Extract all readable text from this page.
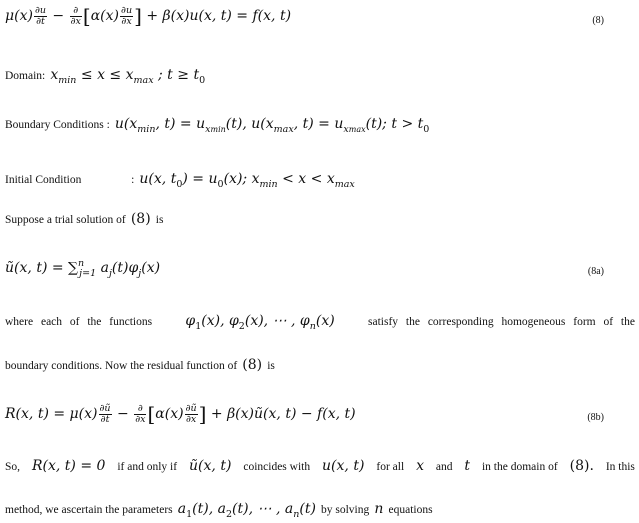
$\mu(x) \frac{\partial u}{\partial t} - \frac{\partial}{\partial x} [\alpha(x) \frac{\partial u}{\partial x}$ ] + β(x)u(x, t) = f(x, t)	(8)
Domain: $x_{min} \le x \le x_{max}$ ; $t \ge t_0$
Boundary Conditions : $u(x_{min}$, $t) = u_{xmin}(t)$, $u(x_{max}$, $t) = u_{xmax}(t)$; $t > t_0$
Initial Condition	: u(x, $t_0) = u_0(x)$; $x_{min} < x < x_{max}$
Suppose a trial solution of (8) is
ũ(x, t) = ∑$^n_{j=1}$ $a_j(t)\varphi_j(x)$	(8a)
where each of the functions $\varphi_1(x)$, $\varphi_2(x)$, ⋯ , $\varphi_n(x)$	satisfy the corresponding homogeneous form of the
boundary conditions. Now the residual function of (8) is
R(x, $t) = \mu(x) \frac{\partial ũ}{\partial t} - \frac{\partial}{\partial x} [\alpha(x) \frac{\partial ũ}{\partial x}$ ] + β(x)ũ(x, t) − f(x, t)	(8b)
So, R(x, t) = 0 if and only if ũ(x, t) coincides with u(x, t) for all x and t in the domain of (8). In this
method, we ascertain the parameters $a_1(t)$, $a_2(t)$, ⋯ , $a_n(t)$ by solving n equations
